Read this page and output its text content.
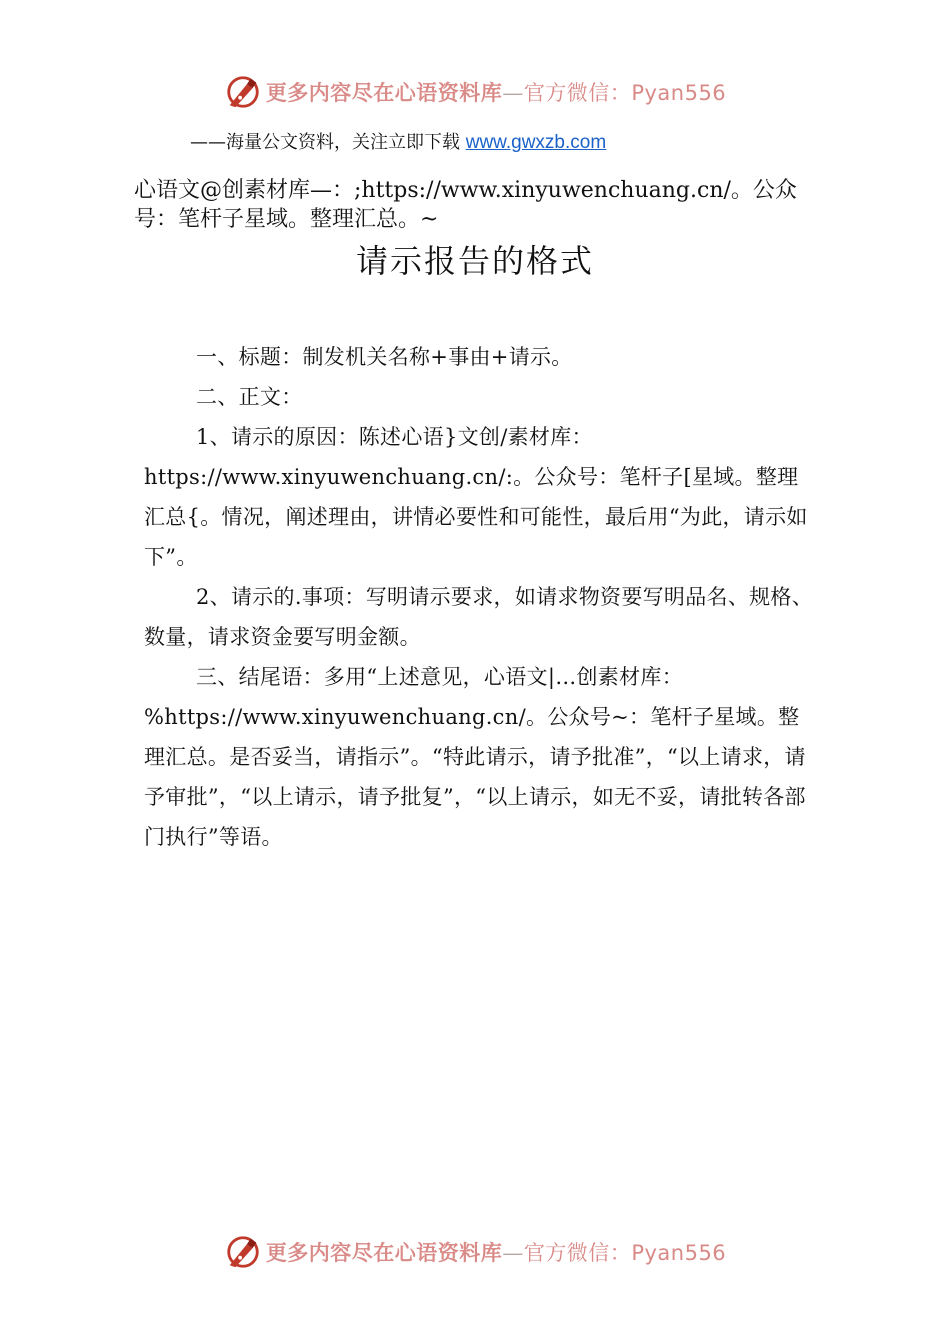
更多内容尽在心语资料库—官方微信：Pyan556
——海量公文资料，关注立即下载 www.gwxzb.com
心语文@创素材库—：;https://www.xinyuwenchuang.cn/。公众号：笔杆子星域。整理汇总。~
请示报告的格式

一、标题：制发机关名称+事由+请示。

二、正文：

1、请示的原因：陈述心语}文创/素材库：https://www.xinyuwenchuang.cn/:。公众号：笔杆子[星域。整理汇总{。情况，阐述理由，讲情必要性和可能性，最后用“为此，请示如下”。

2、请示的.事项：写明请示要求，如请求物资要写明品名、规格、数量，请求资金要写明金额。

三、结尾语：多用“上述意见，心语文|…创素材库：%https://www.xinyuwenchuang.cn/。公众号~：笔杆子星域。整理汇总。是否妥当，请指示”。“特此请示，请予批准”，“以上请求，请予审批”，“以上请示，请予批复”，“以上请示，如无不妥，请批转各部门执行”等语。

更多内容尽在心语资料库—官方微信：Pyan556
